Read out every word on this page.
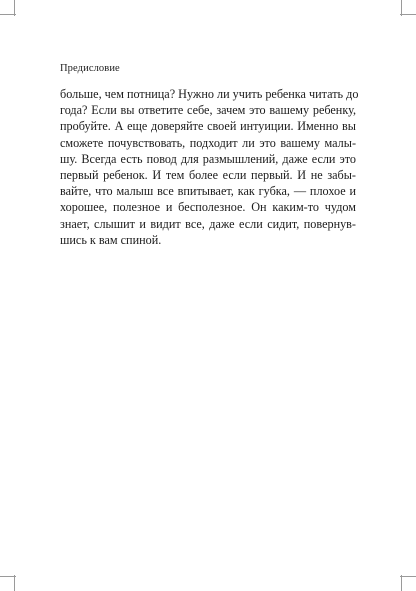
Предисловие
больше, чем потница? Нужно ли учить ребенка читать до
года? Если вы ответите себе, зачем это вашему ребенку,
пробуйте. А еще доверяйте своей интуиции. Именно вы
сможете почувствовать, подходит ли это вашему малы-
шу. Всегда есть повод для размышлений, даже если это
первый ребенок. И тем более если первый. И не забы-
вайте, что малыш все впитывает, как губка, — плохое и
хорошее, полезное и бесполезное. Он каким-то чудом
знает, слышит и видит все, даже если сидит, повернув-
шись к вам спиной.
